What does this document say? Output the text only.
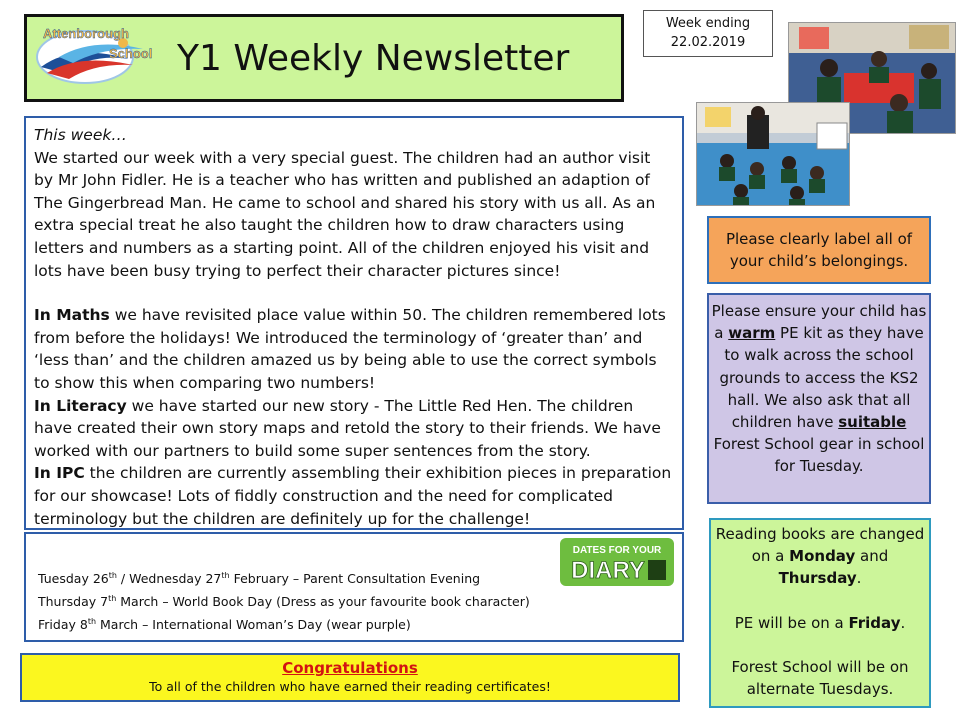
Attenborough
School Y1 Weekly Newsletter
Week ending
22.02.2019

This week…

We started our week with a very special guest. The children had an author visit by Mr John Fidler. He is a teacher who has written and published an adaption of The Gingerbread Man. He came to school and shared his story with us all. As an extra special treat he also taught the children how to draw characters using letters and numbers as a starting point. All of the children enjoyed his visit and lots have been busy trying to perfect their character pictures since!

In Maths we have revisited place value within 50. The children remembered lots from before the holidays! We introduced the terminology of ‘greater than’ and ‘less than’ and the children amazed us by being able to use the correct symbols to show this when comparing two numbers!

In Literacy we have started our new story - The Little Red Hen. The children have created their own story maps and retold the story to their friends. We have worked with our partners to build some super sentences from the story.

In IPC the children are currently assembling their exhibition pieces in preparation for our showcase! Lots of fiddly construction and the need for complicated terminology but the children are definitely up for the challenge!

Tuesday 26th / Wednesday 27th February – Parent Consultation Evening
Thursday 7th March – World Book Day (Dress as your favourite book character)
Friday 8th March – International Woman’s Day (wear purple)
DATES FOR YOUR
DIARY
Congratulations
To all of the children who have earned their reading certificates!

Please clearly label all of your child’s belongings.

Please ensure your child has a warm PE kit as they have to walk across the school grounds to access the KS2 hall. We also ask that all children have suitable Forest School gear in school for Tuesday.

Reading books are changed on a Monday and Thursday.

PE will be on a Friday.

Forest School will be on alternate Tuesdays.
